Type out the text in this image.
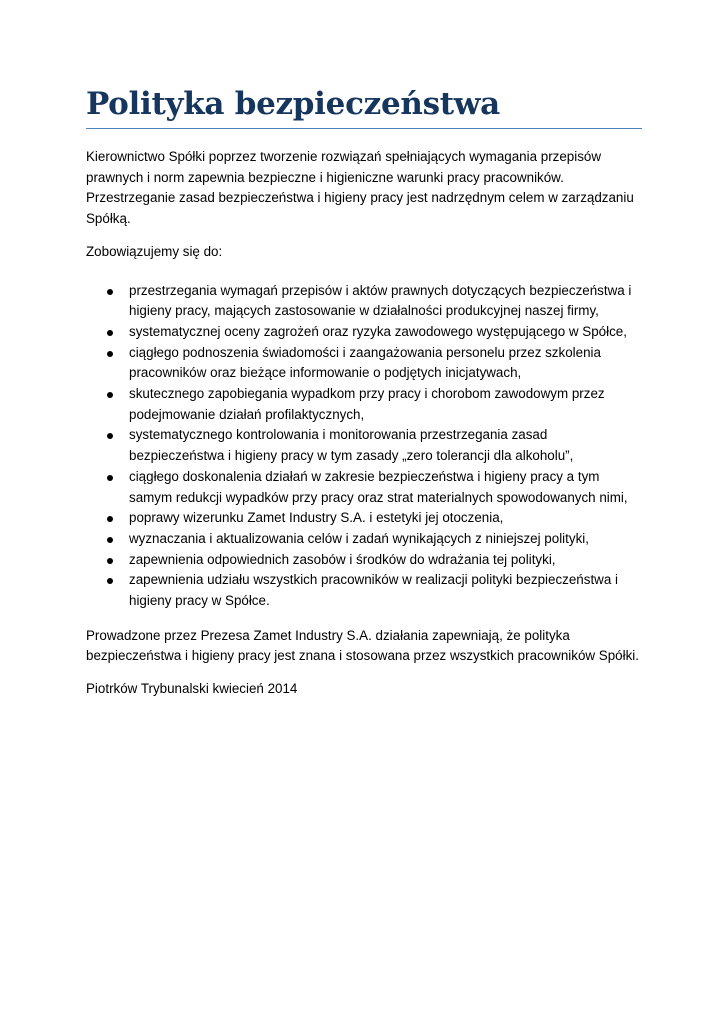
Polityka bezpieczeństwa

Kierownictwo Spółki poprzez tworzenie rozwiązań spełniających wymagania przepisów prawnych i norm zapewnia bezpieczne i higieniczne warunki pracy pracowników. Przestrzeganie zasad bezpieczeństwa i higieny pracy jest nadrzędnym celem w zarządzaniu Spółką.

Zobowiązujemy się do:

przestrzegania wymagań przepisów i aktów prawnych dotyczących bezpieczeństwa i higieny pracy, mających zastosowanie w działalności produkcyjnej naszej firmy,
systematycznej oceny zagrożeń oraz ryzyka zawodowego występującego w Spółce,
ciągłego podnoszenia świadomości i zaangażowania personelu przez szkolenia pracowników oraz bieżące informowanie o podjętych inicjatywach,
skutecznego zapobiegania wypadkom przy pracy i chorobom zawodowym przez podejmowanie działań profilaktycznych,
systematycznego kontrolowania i monitorowania przestrzegania zasad bezpieczeństwa i higieny pracy w tym zasady „zero tolerancji dla alkoholu”,
ciągłego doskonalenia działań w zakresie bezpieczeństwa i higieny pracy a tym samym redukcji wypadków przy pracy oraz strat materialnych spowodowanych nimi,
poprawy wizerunku Zamet Industry S.A. i estetyki jej otoczenia,
wyznaczania i aktualizowania celów i zadań wynikających z niniejszej polityki,
zapewnienia odpowiednich zasobów i środków do wdrażania tej polityki,
zapewnienia udziału wszystkich pracowników w realizacji polityki bezpieczeństwa i higieny pracy w Spółce.

Prowadzone przez Prezesa Zamet Industry S.A. działania zapewniają, że polityka bezpieczeństwa i higieny pracy jest znana i stosowana przez wszystkich pracowników Spółki.

Piotrków Trybunalski kwiecień 2014
